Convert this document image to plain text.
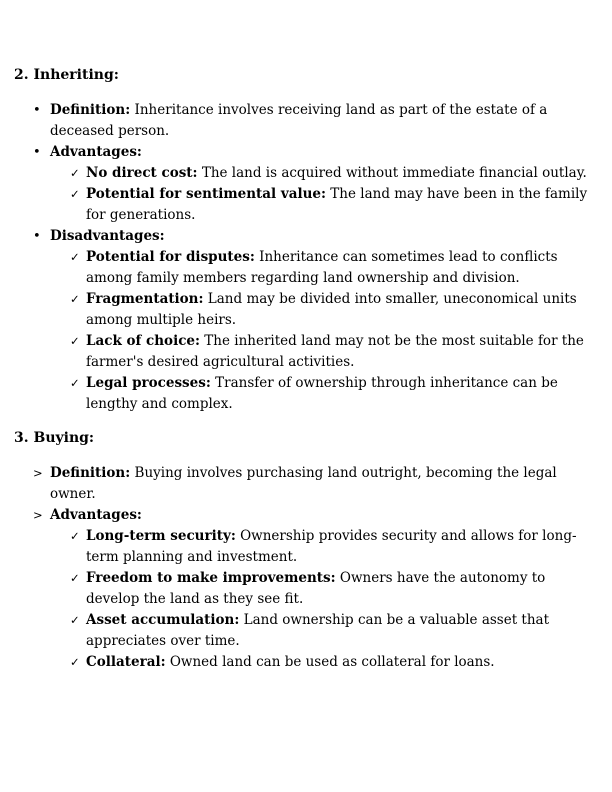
2. Inheriting:
• Definition: Inheritance involves receiving land as part of the estate of a deceased person.
• Advantages:
✓ No direct cost: The land is acquired without immediate financial outlay.
✓ Potential for sentimental value: The land may have been in the family for generations.
• Disadvantages:
✓ Potential for disputes: Inheritance can sometimes lead to conflicts among family members regarding land ownership and division.
✓ Fragmentation: Land may be divided into smaller, uneconomical units among multiple heirs.
✓ Lack of choice: The inherited land may not be the most suitable for the farmer's desired agricultural activities.
✓ Legal processes: Transfer of ownership through inheritance can be lengthy and complex.
3. Buying:
> Definition: Buying involves purchasing land outright, becoming the legal owner.
> Advantages:
✓ Long-term security: Ownership provides security and allows for long-term planning and investment.
✓ Freedom to make improvements: Owners have the autonomy to develop the land as they see fit.
✓ Asset accumulation: Land ownership can be a valuable asset that appreciates over time.
✓ Collateral: Owned land can be used as collateral for loans.
